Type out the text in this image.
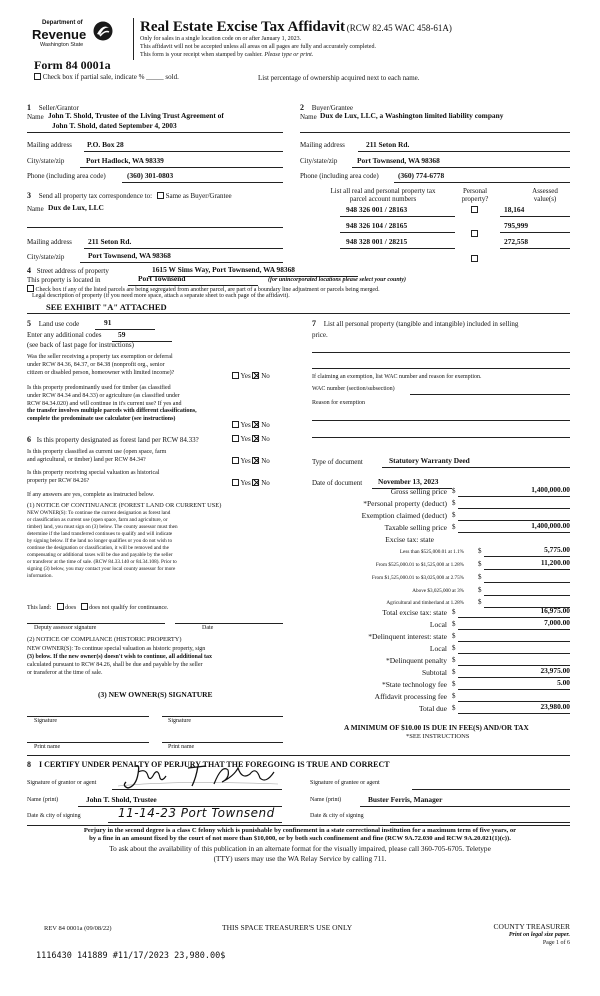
Department of
Revenue
Washington State
Real Estate Excise Tax Affidavit (RCW 82.45 WAC 458-61A)
Only for sales in a single location code on or after January 1, 2023.
This affidavit will not be accepted unless all areas on all pages are fully and accurately completed.
This form is your receipt when stamped by cashier. Please type or print.
Form 84 0001a
Check box if partial sale, indicate % _____ sold.	List percentage of ownership acquired next to each name.
1 Seller/Grantor
Name John T. Shold, Trustee of the Living Trust Agreement of
John T. Shold, dated September 4, 2003
Mailing address P.O. Box 28
City/state/zip	Port Hadlock, WA 98339
Phone (including area code)	(360) 301-0803
2 Buyer/Grantee
Name Dux de Lux, LLC, a Washington limited liability company
Mailing address	211 Seton Rd.
City/state/zip	Port Townsend, WA 98368
Phone (including area code)	(360) 774-6778
3 Send all property tax correspondence to: Same as Buyer/Grantee
Name Dux de Lux, LLC
Mailing address 211 Seton Rd.
City/state/zip	Port Townsend, WA 98368
List all real and personal property tax
parcel account numbers
Personal
property?
Assessed
value(s)
948 326 001 / 28163	18,164
948 326 104 / 28165	795,999
948 328 001 / 28215	272,558
4 Street address of property	1615 W Sims Way, Port Townsend, WA 98368
This property is located in	Port Townsend	(for unincorporated locations please select your county)
Check box if any of the listed parcels are being segregated from another parcel, are part of a boundary line adjustment or parcels being merged.
Legal description of property (if you need more space, attach a separate sheet to each page of the affidavit).
SEE EXHIBIT "A" ATTACHED
5 Land use code	91
Enter any additional codes 59
(see back of last page for instructions)
Was the seller receiving a property tax exemption or deferral
under RCW 84.36, 84.37, or 84.38 (nonprofit org., senior
citizen or disabled person, homeowner with limited income)?	Yes No
Is this property predominantly used for timber (as classified
under RCW 84.34 and 84.33) or agriculture (as classified under
RCW 84.34.020) and will continue in it's current use? If yes and
the transfer involves multiple parcels with different classifications,
complete the predominate use calculator (see instructions)
Yes No
6 Is this property designated as forest land per RCW 84.33?	Yes No
Is this property classified as current use (open space, farm
and agricultural, or timber) land per RCW 84.34?	Yes No
Is this property receiving special valuation as historical
property per RCW 84.26?	Yes No
If any answers are yes, complete as instructed below.
(1) NOTICE OF CONTINUANCE (FOREST LAND OR CURRENT USE)
NEW OWNER(S): To continue the current designation as forest land
or classification as current use (open space, farm and agriculture, or
timber) land, you must sign on (3) below. The county assessor must then
determine if the land transferred continues to qualify and will indicate
by signing below. If the land no longer qualifies or you do not wish to
continue the designation or classification, it will be removed and the
compensating or additional taxes will be due and payable by the seller
or transferor at the time of sale. (RCW 84.33.140 or 84.34.108). Prior to
signing (3) below, you may contact your local county assessor for more
information.
This land: does does not qualify for continuance.
Deputy assessor signature	Date
(2) NOTICE OF COMPLIANCE (HISTORIC PROPERTY)
NEW OWNER(S): To continue special valuation as historic property, sign
(3) below. If the new owner(s) doesn't wish to continue, all additional tax
calculated pursuant to RCW 84.26, shall be due and payable by the seller
or transferor at the time of sale.
(3) NEW OWNER(S) SIGNATURE
Signature	Signature
Print name	Print name
7 List all personal property (tangible and intangible) included in selling
price.
If claiming an exemption, list WAC number and reason for exemption.
WAC number (section/subsection)
Reason for exemption
Type of document	Statutory Warranty Deed
Date of document November 13, 2023
Gross selling price $	1,400,000.00
*Personal property (deduct) $
Exemption claimed (deduct) $
Taxable selling price $	1,400,000.00
Excise tax: state
Less than $525,000.01 at 1.1% $	5,775.00
From $525,000.01 to $1,525,000 at 1.28% $	11,200.00
From $1,525,000.01 to $3,025,000 at 2.75% $
Above $3,025,000 at 3% $
Agricultural and timberland at 1.28% $
Total excise tax: state $	16,975.00
Local $	7,000.00
*Delinquent interest: state $
Local $
*Delinquent penalty $
Subtotal $	23,975.00
*State technology fee $	5.00
Affidavit processing fee $
Total due $	23,980.00
A MINIMUM OF $10.00 IS DUE IN FEE(S) AND/OR TAX
*SEE INSTRUCTIONS
8 I CERTIFY UNDER PENALTY OF PERJURY THAT THE FOREGOING IS TRUE AND CORRECT
Signature of grantor or agent	Signature of grantee or agent
Name (print)	John T. Shold, Trustee	Name (print)	Buster Ferris, Manager
Date & city of signing	11-14-23 Port Townsend	Date & city of signing
Perjury in the second degree is a class C felony which is punishable by confinement in a state correctional institution for a maximum term of five years, or
by a fine in an amount fixed by the court of not more than $10,000, or by both such confinement and fine (RCW 9A.72.030 and RCW 9A.20.021(1)(c)).
To ask about the availability of this publication in an alternate format for the visually impaired, please call 360-705-6705. Teletype
(TTY) users may use the WA Relay Service by calling 711.
REV 84 0001a (09/08/22)	THIS SPACE TREASURER'S USE ONLY	COUNTY TREASURER
Print on legal size paper.
Page 1 of 6
1116430 141889 #11/17/2023 23,980.00$
